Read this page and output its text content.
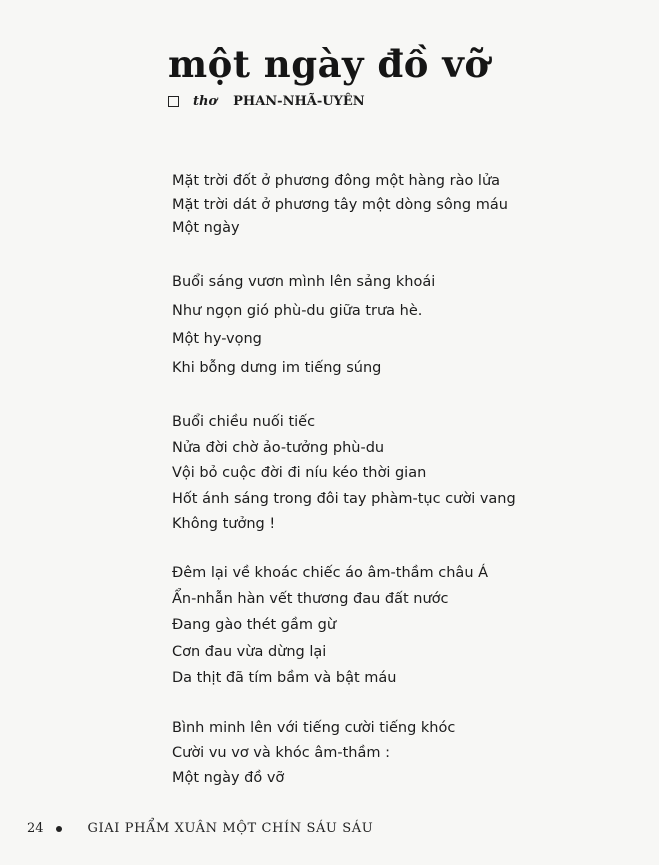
một ngày đồ vỡ
thơ PHAN-NHÃ-UYÊN
Mặt trời đốt ở phương đông một hàng rào lửa
Mặt trời dát ở phương tây một dòng sông máu
Một ngày
Buổi sáng vươn mình lên sảng khoái
Như ngọn gió phù-du giữa trưa hè.
Một hy-vọng
Khi bỗng dưng im tiếng súng
Buổi chiều nuối tiếc
Nửa đời chờ ảo-tưởng phù-du
Vội bỏ cuộc đời đi níu kéo thời gian
Hốt ánh sáng trong đôi tay phàm-tục cười vang
Không tưởng !
Đêm lại về khoác chiếc áo âm-thầm châu Á
Ẩn-nhẫn hàn vết thương đau đất nước
Đang gào thét gầm gừ
Cơn đau vừa dừng lại
Da thịt đã tím bầm và bật máu
Bình minh lên với tiếng cười tiếng khóc
Cười vu vơ và khóc âm-thầm :
Một ngày đồ vỡ
24	GIAI PHẨM XUÂN MỘT CHÍN SÁU SÁU
